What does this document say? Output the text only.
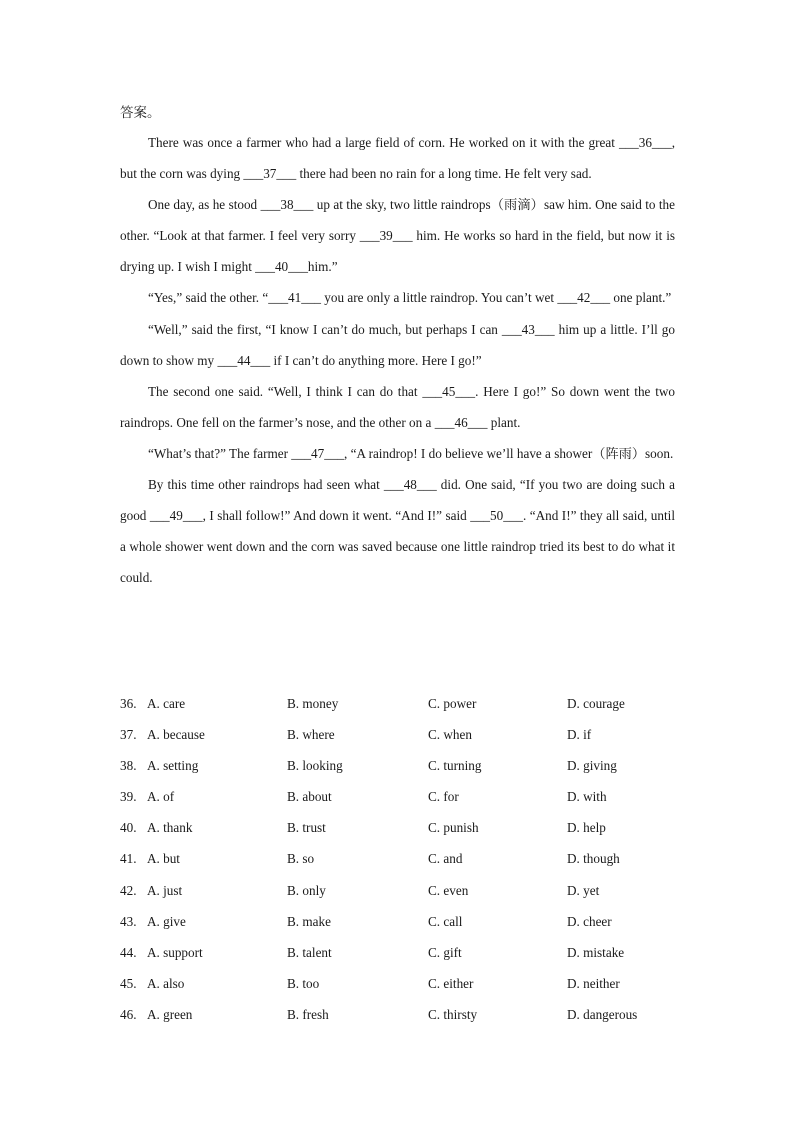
答案。

There was once a farmer who had a large field of corn. He worked on it with the great ___36___, but the corn was dying ___37___ there had been no rain for a long time. He felt very sad.

One day, as he stood ___38___ up at the sky, two little raindrops（雨滴）saw him. One said to the other. “Look at that farmer. I feel very sorry ___39___ him. He works so hard in the field, but now it is drying up. I wish I might ___40___him.”

“Yes,” said the other. “___41___ you are only a little raindrop. You can’t wet ___42___ one plant.”

“Well,” said the first, “I know I can’t do much, but perhaps I can ___43___ him up a little. I’ll go down to show my ___44___ if I can’t do anything more. Here I go!”

The second one said. “Well, I think I can do that ___45___. Here I go!” So down went the two raindrops. One fell on the farmer’s nose, and the other on a ___46___ plant.

“What’s that?” The farmer ___47___, “A raindrop! I do believe we’ll have a shower（阵雨）soon.

By this time other raindrops had seen what ___48___ did. One said, “If you two are doing such a good ___49___, I shall follow!” And down it went. “And I!” said ___50___. “And I!” they all said, until a whole shower went down and the corn was saved because one little raindrop tried its best to do what it could.

36. A. care	B. money	C. power	D. courage
37. A. because	B. where	C. when	D. if
38. A. setting	B. looking	C. turning	D. giving
39. A. of	B. about	C. for	D. with
40. A. thank	B. trust	C. punish	D. help
41. A. but	B. so	C. and	D. though
42. A. just	B. only	C. even	D. yet
43. A. give	B. make	C. call	D. cheer
44. A. support	B. talent	C. gift	D. mistake
45. A. also	B. too	C. either	D. neither
46. A. green	B. fresh	C. thirsty	D. dangerous
